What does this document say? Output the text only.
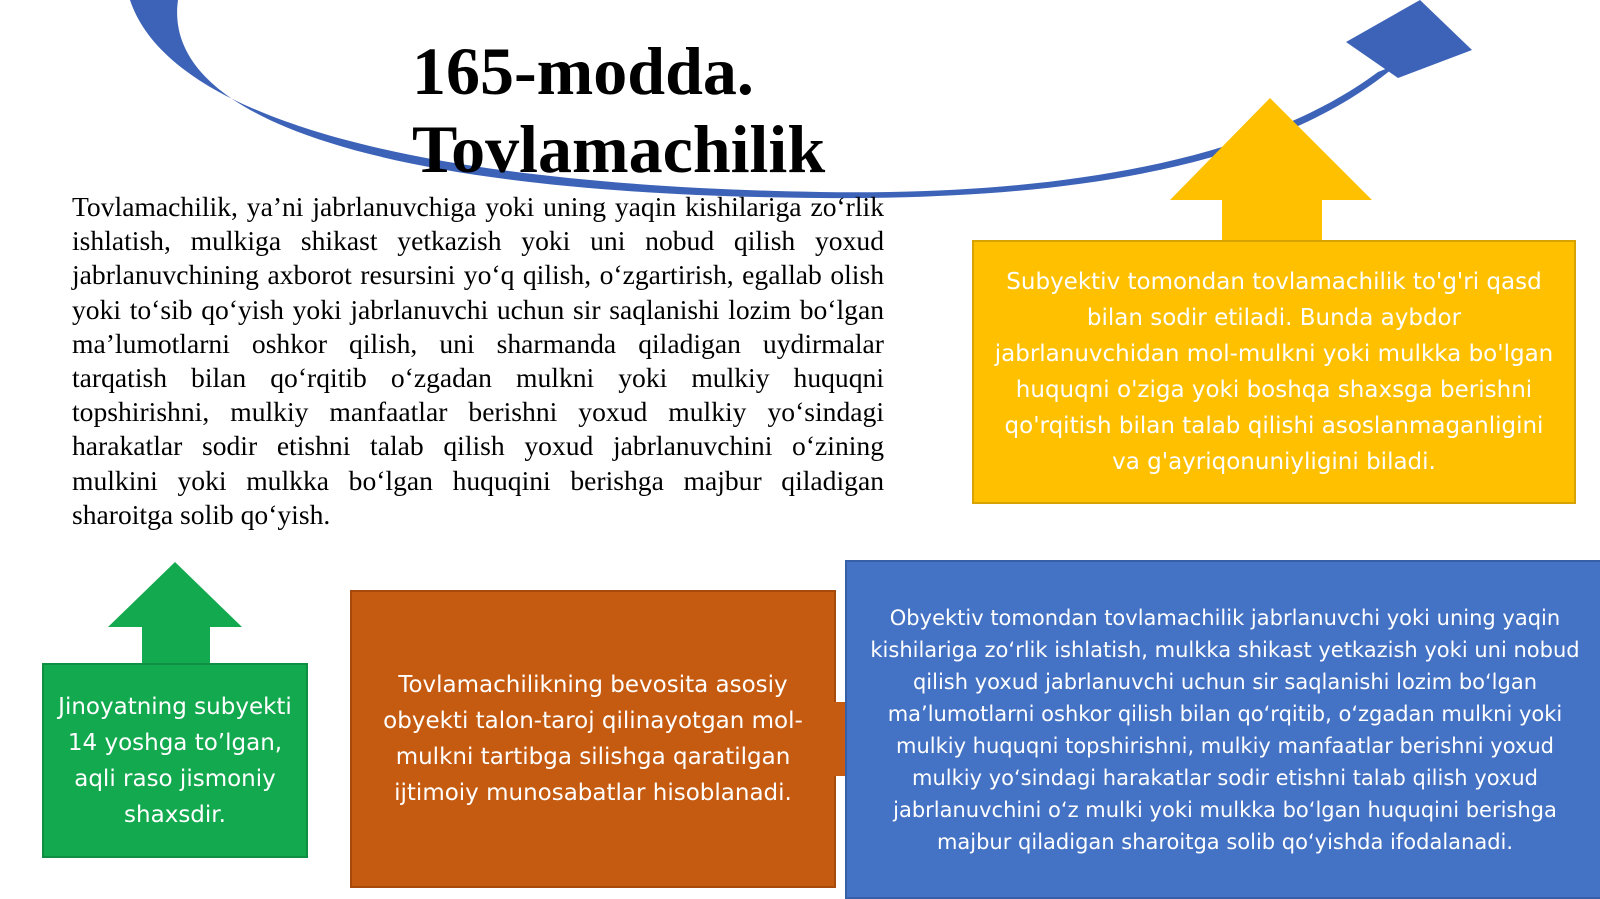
165-modda.
Tovlamachilik

Tovlamachilik, ya’ni jabrlanuvchiga yoki uning yaqin kishilariga zo‘rlik ishlatish, mulkiga shikast yetkazish yoki uni nobud qilish yoxud jabrlanuvchining axborot resursini yo‘q qilish, o‘zgartirish, egallab olish yoki to‘sib qo‘yish yoki jabrlanuvchi uchun sir saqlanishi lozim bo‘lgan ma’lumotlarni oshkor qilish, uni sharmanda qiladigan uydirmalar tarqatish bilan qo‘rqitib o‘zgadan mulkni yoki mulkiy huquqni topshirishni, mulkiy manfaatlar berishni yoxud mulkiy yo‘sindagi harakatlar sodir etishni talab qilish yoxud jabrlanuvchini o‘zining mulkini yoki mulkka bo‘lgan huquqini berishga majbur qiladigan sharoitga solib qo‘yish.

Subyektiv tomondan tovlamachilik to'g'ri qasd bilan sodir etiladi. Bunda aybdor jabrlanuvchidan mol-mulkni yoki mulkka bo'lgan huquqni o'ziga yoki boshqa shaxsga berishni qo'rqitish bilan talab qilishi asoslanmaganligini va g'ayriqonuniyligini biladi.
Jinoyatning subyekti 14 yoshga to’lgan, aqli raso jismoniy shaxsdir.
Tovlamachilikning bevosita asosiy obyekti talon-taroj qilinayotgan mol-mulkni tartibga silishga qaratilgan ijtimoiy munosabatlar hisoblanadi.
Obyektiv tomondan tovlamachilik jabrlanuvchi yoki uning yaqin kishilariga zo‘rlik ishlatish, mulkka shikast yetkazish yoki uni nobud qilish yoxud jabrlanuvchi uchun sir saqlanishi lozim bo‘lgan ma’lumotlarni oshkor qilish bilan qo‘rqitib, o‘zgadan mulkni yoki mulkiy huquqni topshirishni, mulkiy manfaatlar berishni yoxud mulkiy yo‘sindagi harakatlar sodir etishni talab qilish yoxud jabrlanuvchini o‘z mulki yoki mulkka bo‘lgan huquqini berishga majbur qiladigan sharoitga solib qo‘yishda ifodalanadi.
